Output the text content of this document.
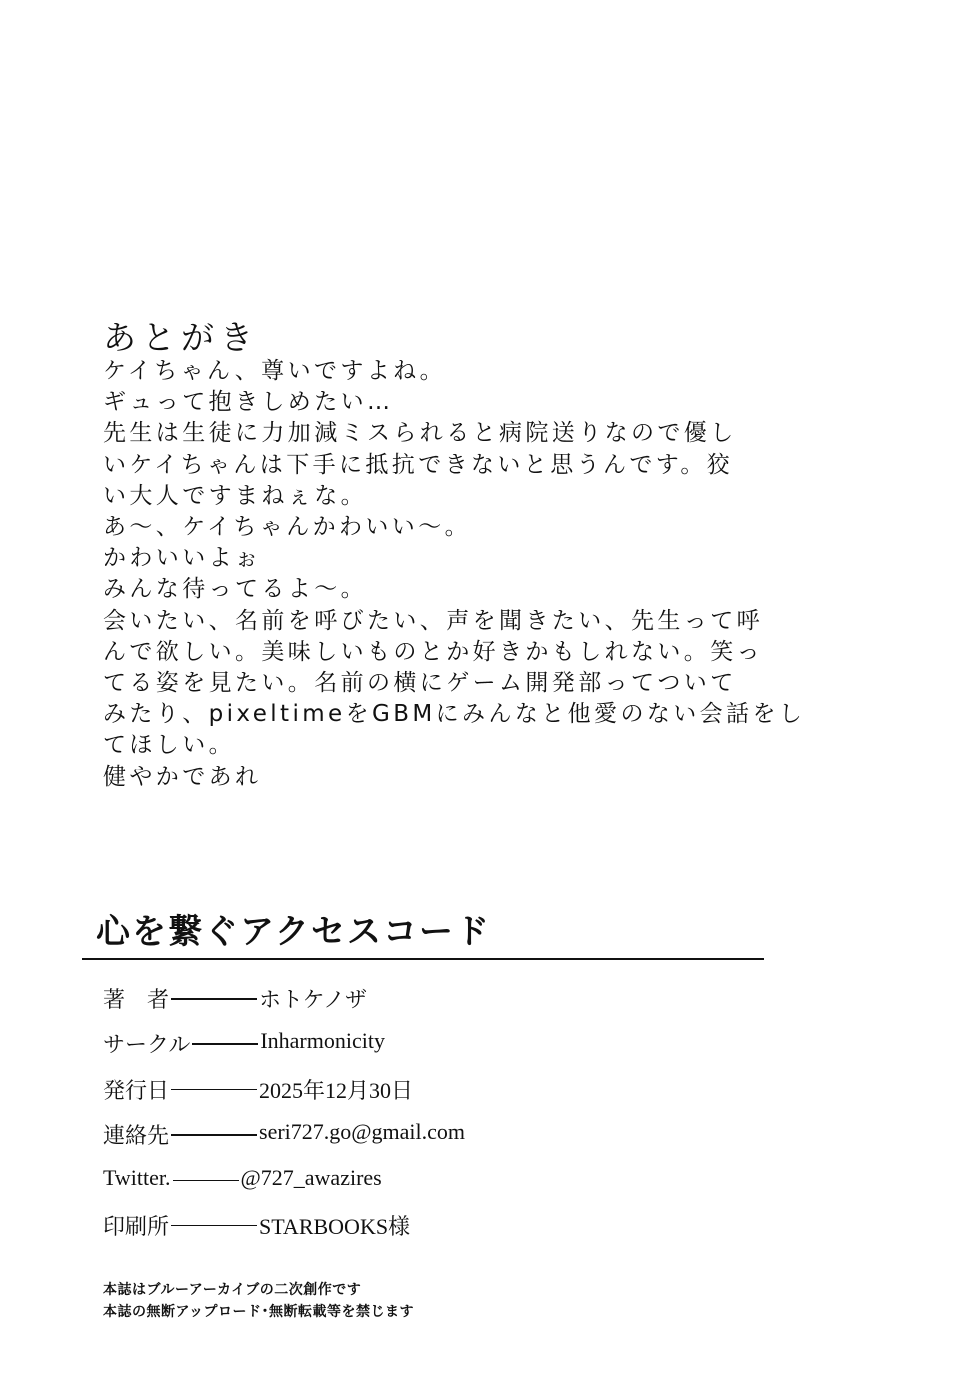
あとがき
ケイちゃん、尊いですよね。
ギュって抱きしめたい…
先生は生徒に力加減ミスられると病院送りなので優し
いケイちゃんは下手に抵抗できないと思うんです。狡
い大人ですまねぇな。
あ～、ケイちゃんかわいい～。
かわいいよぉ
みんな待ってるよ～。
会いたい、名前を呼びたい、声を聞きたい、先生って呼
んで欲しい。美味しいものとか好きかもしれない。笑っ
てる姿を見たい。名前の横にゲーム開発部ってついて
みたり、pixeltimeをGBMにみんなと他愛のない会話をし
てほしい。
健やかであれ
心を繋ぐアクセスコード
著　者	ホトケノザ
サークル	Inharmonicity
発行日	2025年12月30日
連絡先	seri727.go@gmail.com
Twitter.	@727_awazires
印刷所	STARBOOKS様
本誌はブルーアーカイブの二次創作です
本誌の無断アップロード･無断転載等を禁じます
